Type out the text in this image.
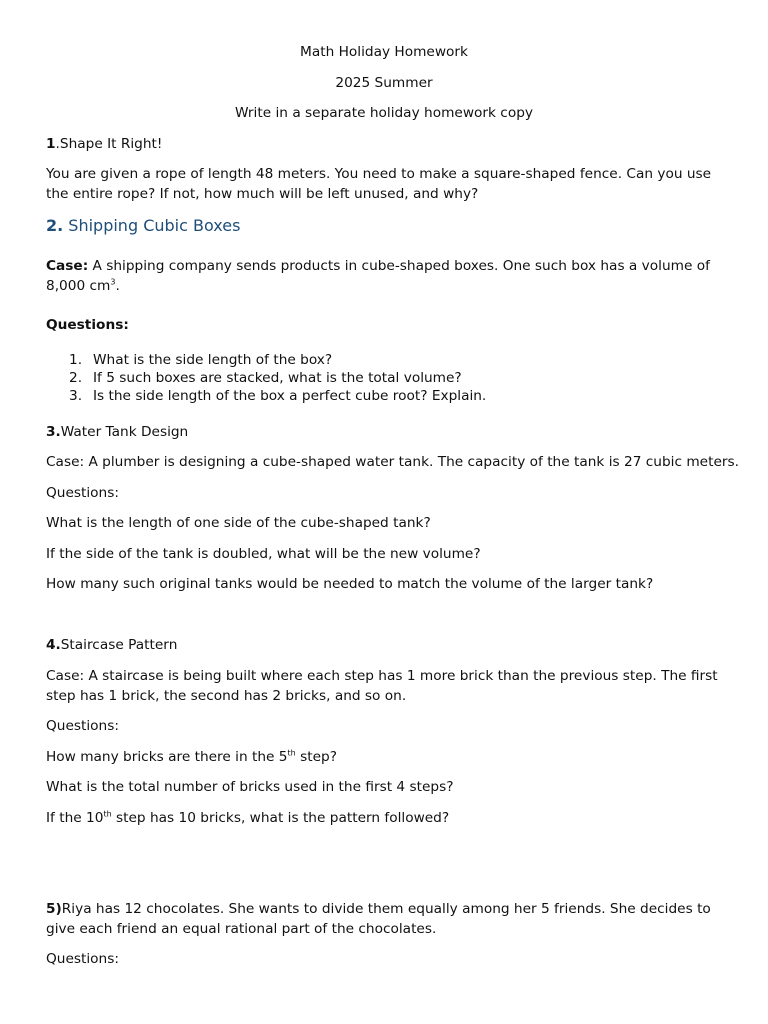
Math Holiday Homework

2025 Summer

Write in a separate holiday homework copy

1.Shape It Right!

You are given a rope of length 48 meters. You need to make a square-shaped fence. Can you use the entire rope? If not, how much will be left unused, and why?

2. Shipping Cubic Boxes

Case: A shipping company sends products in cube-shaped boxes. One such box has a volume of 8,000 $cm^3$.

Questions:

1. What is the side length of the box?
2. If 5 such boxes are stacked, what is the total volume?
3. Is the side length of the box a perfect cube root? Explain.

3.Water Tank Design

Case: A plumber is designing a cube-shaped water tank. The capacity of the tank is 27 cubic meters.

Questions:

What is the length of one side of the cube-shaped tank?

If the side of the tank is doubled, what will be the new volume?

How many such original tanks would be needed to match the volume of the larger tank?

4.Staircase Pattern

Case: A staircase is being built where each step has 1 more brick than the previous step. The first step has 1 brick, the second has 2 bricks, and so on.

Questions:

How many bricks are there in the 5th step?

What is the total number of bricks used in the first 4 steps?

If the 10th step has 10 bricks, what is the pattern followed?

5)Riya has 12 chocolates. She wants to divide them equally among her 5 friends. She decides to give each friend an equal rational part of the chocolates.

Questions:
